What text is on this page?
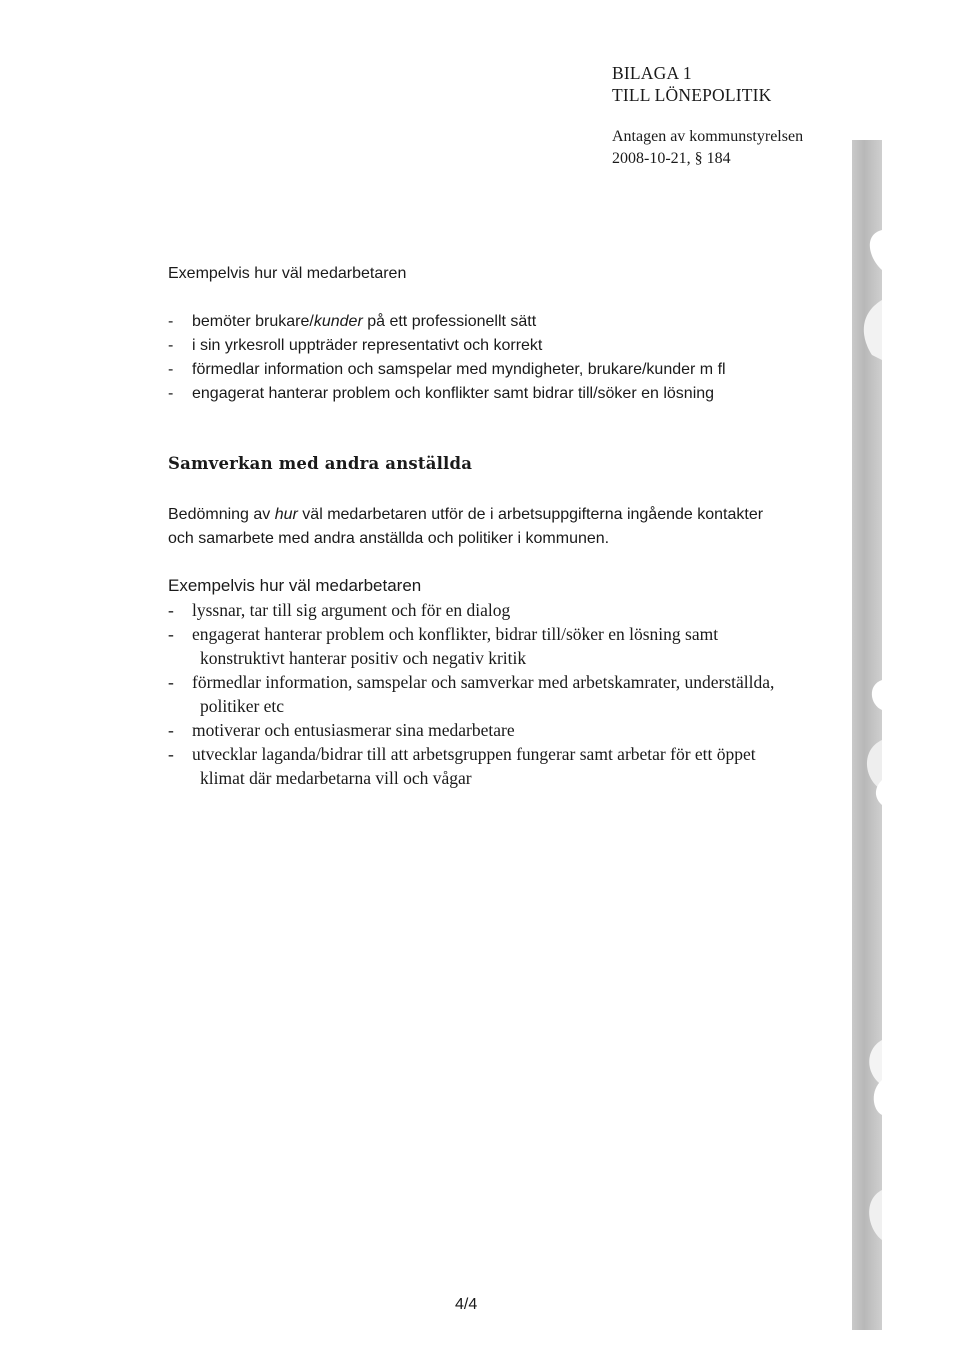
BILAGA 1
TILL LÖNEPOLITIK
Antagen av kommunstyrelsen
2008-10-21, § 184

Exempelvis hur väl medarbetaren

- bemöter brukare/kunder på ett professionellt sätt
- i sin yrkesroll uppträder representativt och korrekt
- förmedlar information och samspelar med myndigheter, brukare/kunder m fl
- engagerat hanterar problem och konflikter samt bidrar till/söker en lösning
Samverkan med andra anställda
Bedömning av hur väl medarbetaren utför de i arbetsuppgifterna ingående kontakter
och samarbete med andra anställda och politiker i kommunen.

Exempelvis hur väl medarbetaren

- lyssnar, tar till sig argument och för en dialog
- engagerat hanterar problem och konflikter, bidrar till/söker en lösning samt
konstruktivt hanterar positiv och negativ kritik
- förmedlar information, samspelar och samverkar med arbetskamrater, underställda,
politiker etc
- motiverar och entusiasmerar sina medarbetare
- utvecklar laganda/bidrar till att arbetsgruppen fungerar samt arbetar för ett öppet
klimat där medarbetarna vill och vågar
4/4
